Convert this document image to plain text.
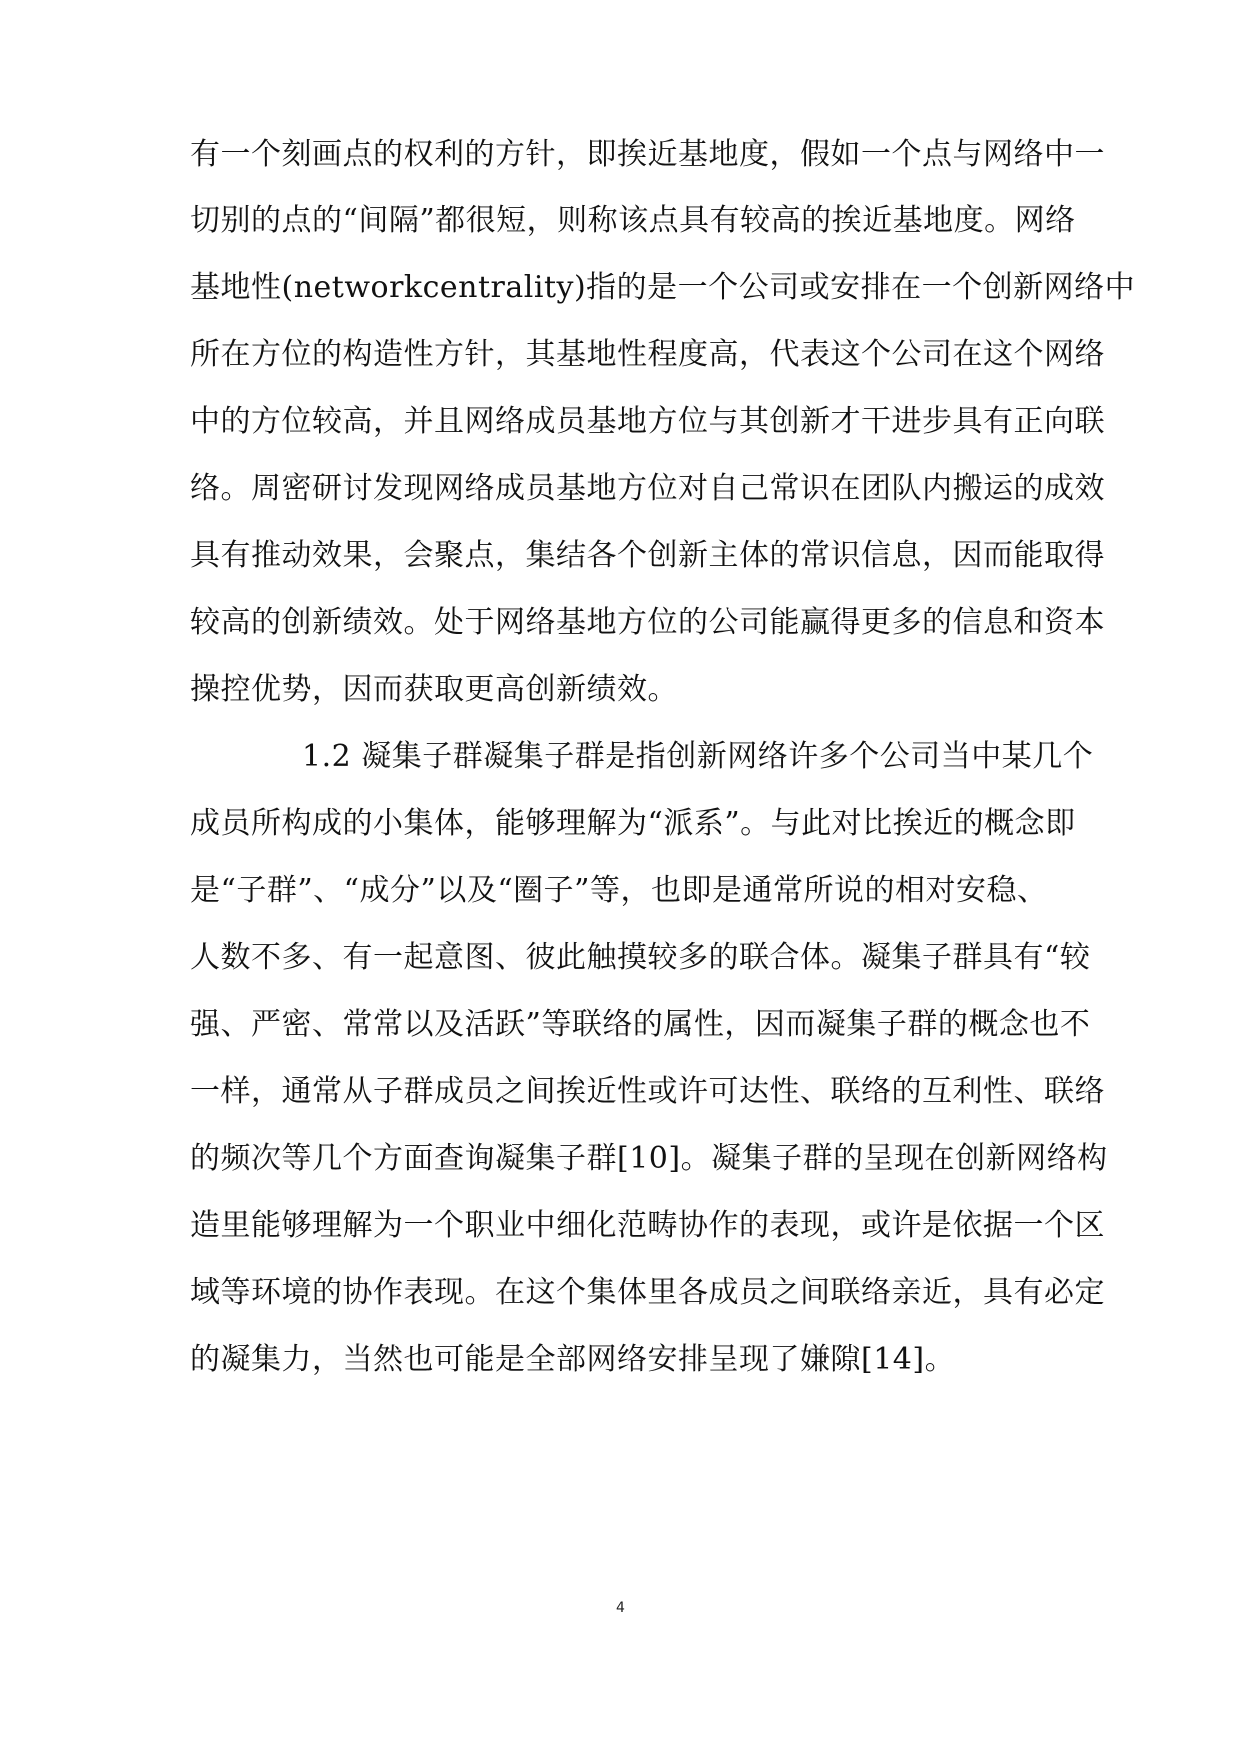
有一个刻画点的权利的方针，即挨近基地度，假如一个点与网络中一
切别的点的“间隔”都很短，则称该点具有较高的挨近基地度。网络
基地性(networkcentrality)指的是一个公司或安排在一个创新网络中
所在方位的构造性方针，其基地性程度高，代表这个公司在这个网络
中的方位较高，并且网络成员基地方位与其创新才干进步具有正向联
络。周密研讨发现网络成员基地方位对自己常识在团队内搬运的成效
具有推动效果，会聚点，集结各个创新主体的常识信息，因而能取得
较高的创新绩效。处于网络基地方位的公司能赢得更多的信息和资本
操控优势，因而获取更高创新绩效。
1.2 凝集子群凝集子群是指创新网络许多个公司当中某几个
成员所构成的小集体，能够理解为“派系”。与此对比挨近的概念即
是“子群”、“成分”以及“圈子”等，也即是通常所说的相对安稳、
人数不多、有一起意图、彼此触摸较多的联合体。凝集子群具有“较
强、严密、常常以及活跃”等联络的属性，因而凝集子群的概念也不
一样，通常从子群成员之间挨近性或许可达性、联络的互利性、联络
的频次等几个方面查询凝集子群[10]。凝集子群的呈现在创新网络构
造里能够理解为一个职业中细化范畴协作的表现，或许是依据一个区
域等环境的协作表现。在这个集体里各成员之间联络亲近，具有必定
的凝集力，当然也可能是全部网络安排呈现了嫌隙[14]。
4
